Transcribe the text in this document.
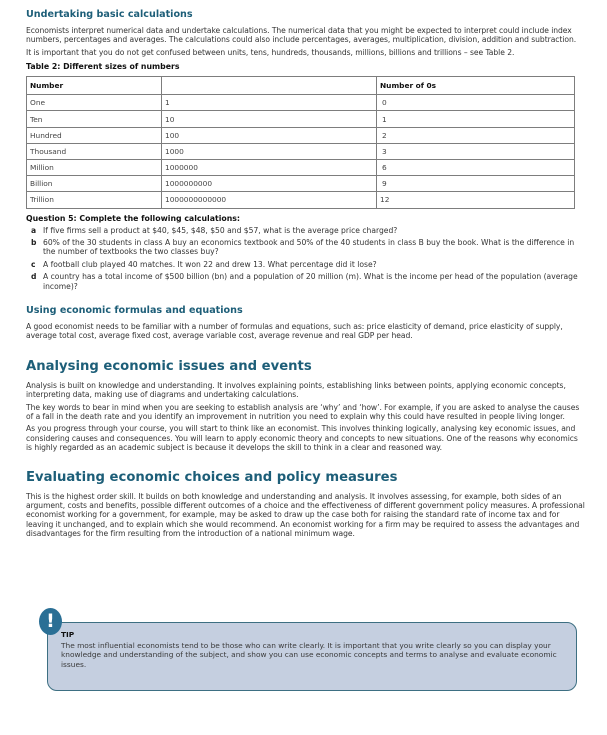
Undertaking basic calculations

Economists interpret numerical data and undertake calculations. The numerical data that you might be expected to interpret could include index numbers, percentages and averages. The calculations could also include percentages, averages, multiplication, division, addition and subtraction.

It is important that you do not get confused between units, tens, hundreds, thousands, millions, billions and trillions – see Table 2.

Table 2: Different sizes of numbers
Number		Number of 0s
One	1	0
Ten	10	1
Hundred	100	2
Thousand	1000	3
Million	1000000	6
Billion	1000000000	9
Trillion	1000000000000	12
Question 5: Complete the following calculations:
a If five firms sell a product at $40, $45, $48, $50 and $57, what is the average price charged?
b 60% of the 30 students in class A buy an economics textbook and 50% of the 40 students in class B buy the book. What is the difference in the number of textbooks the two classes buy?
c A football club played 40 matches. It won 22 and drew 13. What percentage did it lose?
d A country has a total income of $500 billion (bn) and a population of 20 million (m). What is the income per head of the population (average income)?
Using economic formulas and equations

A good economist needs to be familiar with a number of formulas and equations, such as: price elasticity of demand, price elasticity of supply, average total cost, average fixed cost, average variable cost, average revenue and real GDP per head.

Analysing economic issues and events

Analysis is built on knowledge and understanding. It involves explaining points, establishing links between points, applying economic concepts, interpreting data, making use of diagrams and undertaking calculations.

The key words to bear in mind when you are seeking to establish analysis are ‘why’ and ‘how’. For example, if you are asked to analyse the causes of a fall in the death rate and you identify an improvement in nutrition you need to explain why this could have resulted in people living longer.

As you progress through your course, you will start to think like an economist. This involves thinking logically, analysing key economic issues, and considering causes and consequences. You will learn to apply economic theory and concepts to new situations. One of the reasons why economics is highly regarded as an academic subject is because it develops the skill to think in a clear and reasoned way.

Evaluating economic choices and policy measures

This is the highest order skill. It builds on both knowledge and understanding and analysis. It involves assessing, for example, both sides of an argument, costs and benefits, possible different outcomes of a choice and the effectiveness of different government policy measures. A professional economist working for a government, for example, may be asked to draw up the case both for raising the standard rate of income tax and for leaving it unchanged, and to explain which she would recommend. An economist working for a firm may be required to assess the advantages and disadvantages for the firm resulting from the introduction of a national minimum wage.

!
TIP
The most influential economists tend to be those who can write clearly. It is important that you write clearly so you can display your knowledge and understanding of the subject, and show you can use economic concepts and terms to analyse and evaluate economic issues.
